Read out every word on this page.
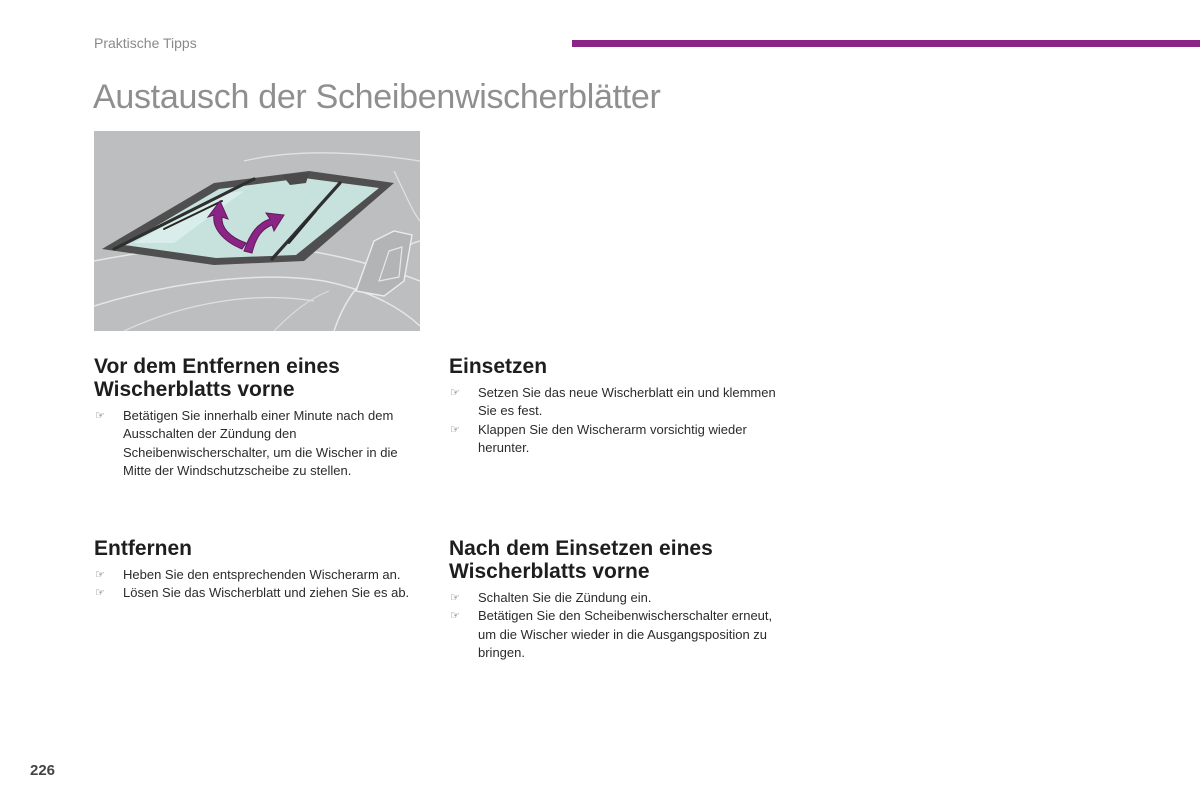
Praktische Tipps
Austausch der Scheibenwischerblätter
Vor dem Entfernen eines
Wischerblatts vorne
☞ Betätigen Sie innerhalb einer Minute nach dem Ausschalten der Zündung den Scheibenwischerschalter, um die Wischer in die Mitte der Windschutzscheibe zu stellen.
Einsetzen
☞ Setzen Sie das neue Wischerblatt ein und klemmen Sie es fest.
☞ Klappen Sie den Wischerarm vorsichtig wieder herunter.
Entfernen
☞ Heben Sie den entsprechenden Wischerarm an.
☞ Lösen Sie das Wischerblatt und ziehen Sie es ab.
Nach dem Einsetzen eines
Wischerblatts vorne
☞ Schalten Sie die Zündung ein.
☞ Betätigen Sie den Scheibenwischerschalter erneut, um die Wischer wieder in die Ausgangsposition zu bringen.
226
